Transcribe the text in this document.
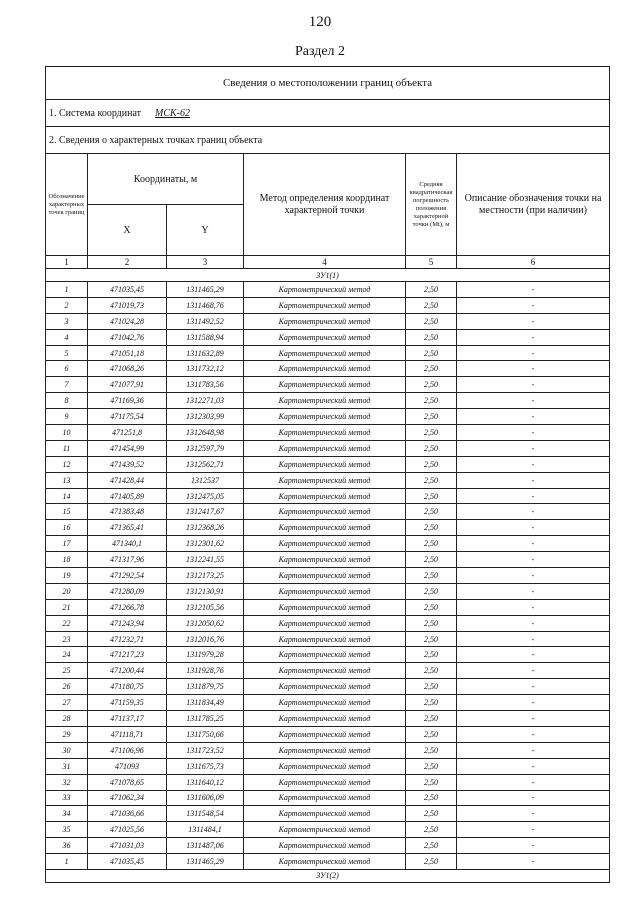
120
Раздел 2
Сведения о местоположении границ объекта					
1. Система координат МСК-62					
2. Сведения о характерных точках границ объекта					
Обозначение характерных точек границ	Координаты, м		Метод определения координат характерной точки	Средняя квадратическая погрешность положения характерной точки (Mt), м	Описание обозначения точки на местности (при наличии)
	X	Y			
1	2	3	4	5	6
ЗУ1(1)					
1	471035,45	1311465,29	Картометрический метод	2,50	-
2	471019,73	1311468,76	Картометрический метод	2,50	-
3	471024,28	1311492,52	Картометрический метод	2,50	-
4	471042,76	1311588,94	Картометрический метод	2,50	-
5	471051,18	1311632,89	Картометрический метод	2,50	-
6	471068,26	1311732,12	Картометрический метод	2,50	-
7	471077,91	1311783,56	Картометрический метод	2,50	-
8	471169,36	1312271,03	Картометрический метод	2,50	-
9	471175,54	1312303,99	Картометрический метод	2,50	-
10	471251,8	1312648,98	Картометрический метод	2,50	-
11	471454,99	1312597,79	Картометрический метод	2,50	-
12	471439,52	1312562,71	Картометрический метод	2,50	-
13	471428,44	1312537	Картометрический метод	2,50	-
14	471405,89	1312475,05	Картометрический метод	2,50	-
15	471383,48	1312417,67	Картометрический метод	2,50	-
16	471365,41	1312368,26	Картометрический метод	2,50	-
17	471340,1	1312301,62	Картометрический метод	2,50	-
18	471317,96	1312241,55	Картометрический метод	2,50	-
19	471292,54	1312173,25	Картометрический метод	2,50	-
20	471280,09	1312130,91	Картометрический метод	2,50	-
21	471266,78	1312105,56	Картометрический метод	2,50	-
22	471243,94	1312050,62	Картометрический метод	2,50	-
23	471232,71	1312016,76	Картометрический метод	2,50	-
24	471217,23	1311979,28	Картометрический метод	2,50	-
25	471200,44	1311928,76	Картометрический метод	2,50	-
26	471180,75	1311879,75	Картометрический метод	2,50	-
27	471159,35	1311834,49	Картометрический метод	2,50	-
28	471137,17	1311785,25	Картометрический метод	2,50	-
29	471118,71	1311750,66	Картометрический метод	2,50	-
30	471106,96	1311723,52	Картометрический метод	2,50	-
31	471093	1311675,73	Картометрический метод	2,50	-
32	471078,65	1311640,12	Картометрический метод	2,50	-
33	471062,34	1311606,09	Картометрический метод	2,50	-
34	471036,66	1311548,54	Картометрический метод	2,50	-
35	471025,56	1311484,1	Картометрический метод	2,50	-
36	471031,03	1311487,06	Картометрический метод	2,50	-
1	471035,45	1311465,29	Картометрический метод	2,50	-
ЗУ1(2)					
